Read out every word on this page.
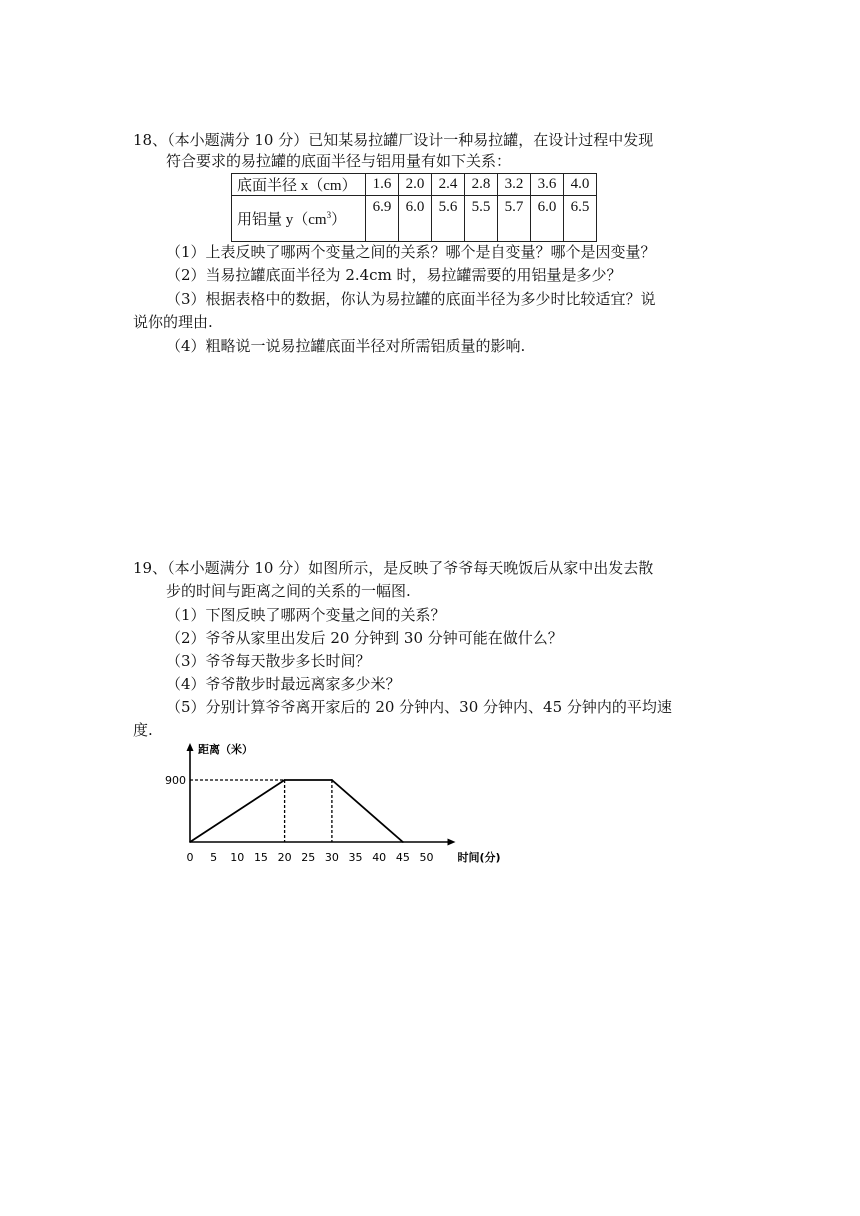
18、（本小题满分 10 分）已知某易拉罐厂设计一种易拉罐，在设计过程中发现
符合要求的易拉罐的底面半径与铝用量有如下关系：
底面半径 x（cm）	1.6	2.0	2.4	2.8	3.2	3.6	4.0
用铝量 $y(cm^3)$	6.9	6.0	5.6	5.5	5.7	6.0	6.5
（1）上表反映了哪两个变量之间的关系？哪个是自变量？哪个是因变量？
（2）当易拉罐底面半径为 2.4cm 时，易拉罐需要的用铝量是多少？
（3）根据表格中的数据，你认为易拉罐的底面半径为多少时比较适宜？说
说你的理由.
（4）粗略说一说易拉罐底面半径对所需铝质量的影响.
19、（本小题满分 10 分）如图所示，是反映了爷爷每天晚饭后从家中出发去散
步的时间与距离之间的关系的一幅图.
（1）下图反映了哪两个变量之间的关系？
（2）爷爷从家里出发后 20 分钟到 30 分钟可能在做什么？
（3）爷爷每天散步多长时间？
（4）爷爷散步时最远离家多少米？
（5）分别计算爷爷离开家后的 20 分钟内、30 分钟内、45 分钟内的平均速
度.
距离（米）
时间(分)
900
0 5 10 15 20 25 30 35 40 45 50
